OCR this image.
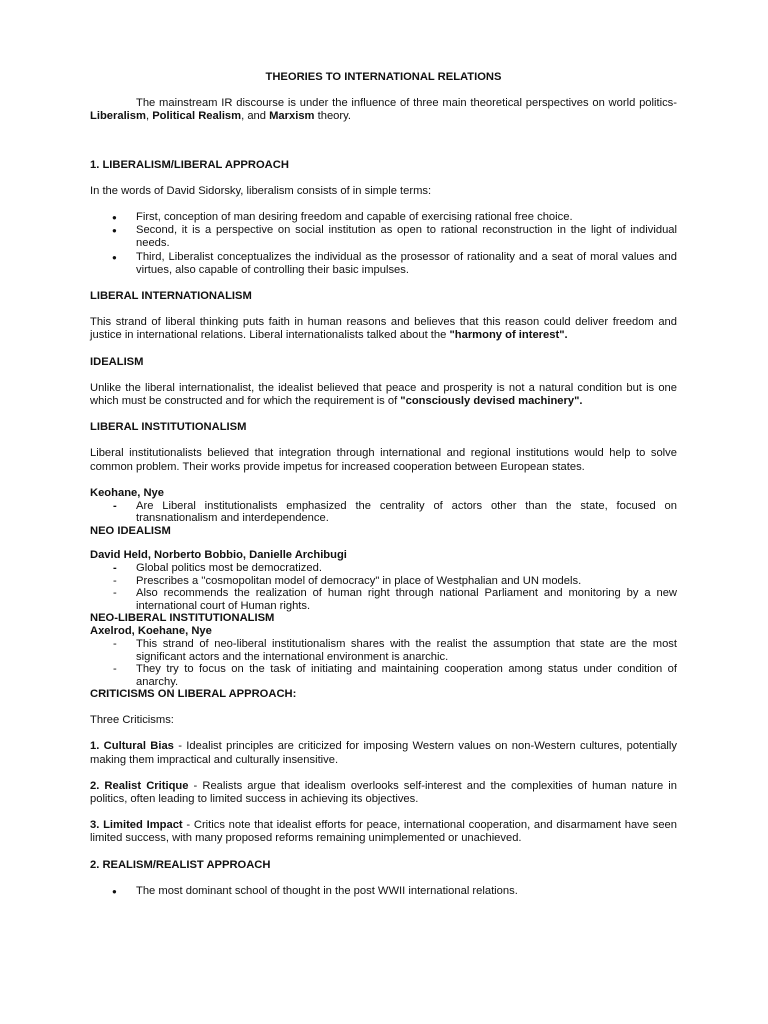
THEORIES TO INTERNATIONAL RELATIONS

The mainstream IR discourse is under the influence of three main theoretical perspectives on world politics-Liberalism, Political Realism, and Marxism theory.

1. LIBERALISM/LIBERAL APPROACH

In the words of David Sidorsky, liberalism consists of in simple terms:

● First, conception of man desiring freedom and capable of exercising rational free choice.
● Second, it is a perspective on social institution as open to rational reconstruction in the light of individual needs.
● Third, Liberalist conceptualizes the individual as the prosessor of rationality and a seat of moral values and virtues, also capable of controlling their basic impulses.

LIBERAL INTERNATIONALISM

This strand of liberal thinking puts faith in human reasons and believes that this reason could deliver freedom and justice in international relations. Liberal internationalists talked about the "harmony of interest".

IDEALISM

Unlike the liberal internationalist, the idealist believed that peace and prosperity is not a natural condition but is one which must be constructed and for which the requirement is of "consciously devised machinery".

LIBERAL INSTITUTIONALISM

Liberal institutionalists believed that integration through international and regional institutions would help to solve common problem. Their works provide impetus for increased cooperation between European states.

Keohane, Nye

- Are Liberal institutionalists emphasized the centrality of actors other than the state, focused on transnationalism and interdependence.

NEO IDEALISM

David Held, Norberto Bobbio, Danielle Archibugi

- Global politics most be democratized.
- Prescribes a ''cosmopolitan model of democracy" in place of Westphalian and UN models.
- Also recommends the realization of human right through national Parliament and monitoring by a new international court of Human rights.

NEO-LIBERAL INSTITUTIONALISM

Axelrod, Koehane, Nye

- This strand of neo-liberal institutionalism shares with the realist the assumption that state are the most significant actors and the international environment is anarchic.
- They try to focus on the task of initiating and maintaining cooperation among status under condition of anarchy.

CRITICISMS ON LIBERAL APPROACH:

Three Criticisms:

1. Cultural Bias - Idealist principles are criticized for imposing Western values on non-Western cultures, potentially making them impractical and culturally insensitive.

2. Realist Critique - Realists argue that idealism overlooks self-interest and the complexities of human nature in politics, often leading to limited success in achieving its objectives.

3. Limited Impact - Critics note that idealist efforts for peace, international cooperation, and disarmament have seen limited success, with many proposed reforms remaining unimplemented or unachieved.

2. REALISM/REALIST APPROACH

● The most dominant school of thought in the post WWII international relations.
